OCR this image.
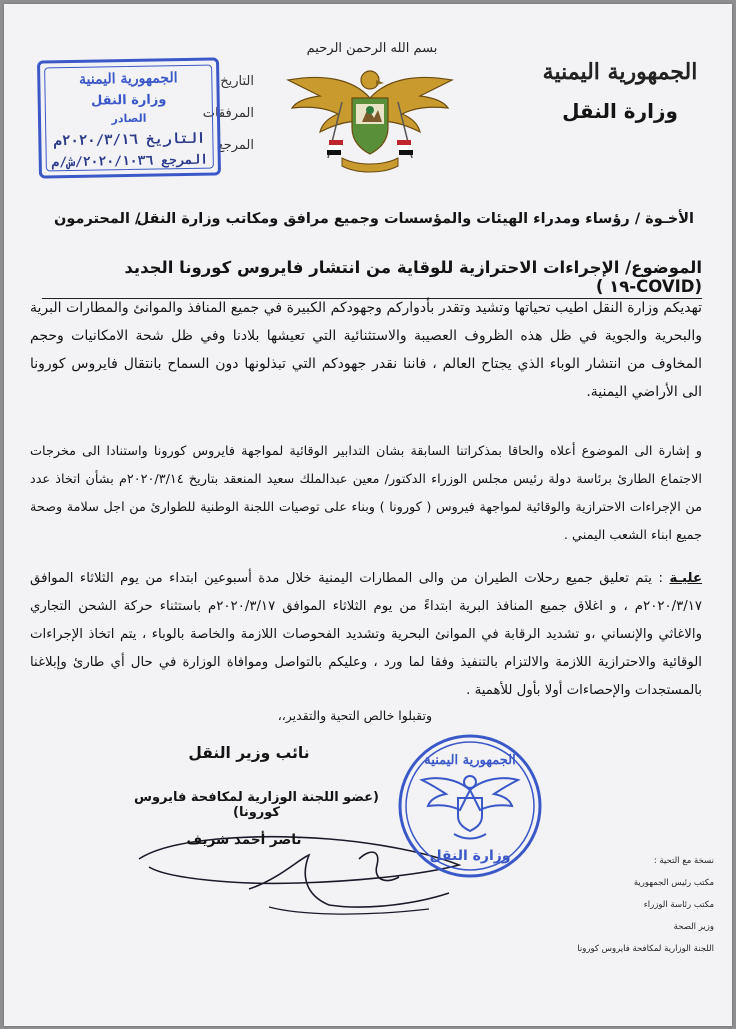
الجمهورية اليمنية
وزارة النقل
بسم الله الرحمن الرحيم
التاريخ
المرفقات
المرجع
الجمهورية اليمنية
وزارة النقل
الصادر
التاريخ ٢٠٢٠/٣/١٦م
المرجع ٢٠٢٠/١٠٣٦/ش/م
الأخـوة / رؤساء ومدراء الهيئات والمؤسسات وجميع مرافق ومكاتب وزارة النقل
/ المحترمون
الموضوع/ الإجراءات الاحترازية للوقاية من انتشار فايروس كورونا الجديد (COVID-١٩ )
تهديكم وزارة النقل اطيب تحياتها وتشيد وتقدر بأدواركم وجهودكم الكبيرة في جميع المنافذ والموانئ والمطارات البرية والبحرية والجوية في ظل هذه الظروف العصيبة والاستثنائية التي تعيشها بلادنا وفي ظل شحة الامكانيات وحجم المخاوف من انتشار الوباء الذي يجتاح العالم ، فاننا نقدر جهودكم التي تبذلونها دون السماح بانتقال فايروس كورونا الى الأراضي اليمنية.
و إشارة الى الموضوع أعلاه والحاقا بمذكراتنا السابقة بشان التدابير الوقائية لمواجهة فايروس كورونا واستنادا الى مخرجات الاجتماع الطارئ برئاسة دولة رئيس مجلس الوزراء الدكتور/ معين عبدالملك سعيد المنعقد بتاريخ ٢٠٢٠/٣/١٤م بشأن اتخاذ عدد من الإجراءات الاحترازية والوقائية لمواجهة فيروس ( كورونا ) وبناء على توصيات اللجنة الوطنية للطوارئ من اجل سلامة وصحة جميع ابناء الشعب اليمني .
عليـة : يتم تعليق جميع رحلات الطيران من والى المطارات اليمنية خلال مدة أسبوعين ابتداء من يوم الثلاثاء الموافق ٢٠٢٠/٣/١٧م ، و اغلاق جميع المنافذ البرية ابتداءً من يوم الثلاثاء الموافق ٢٠٢٠/٣/١٧م باستثناء حركة الشحن التجاري والاغاثي والإنساني ،و تشديد الرقابة في الموانئ البحرية وتشديد الفحوصات اللازمة والخاصة بالوباء ، يتم اتخاذ الإجراءات الوقائية والاحترازية اللازمة والالتزام بالتنفيذ وفقا لما ورد ، وعليكم بالتواصل وموافاة الوزارة في حال أي طارئ وإبلاغنا بالمستجدات والإحصاءات أولا بأول للأهمية .
وتقبلوا خالص التحية والتقدير،،
نائب وزير النقل
(عضو اللجنة الوزارية لمكافحة فايروس كورونا)
ناصر أحمد شريف
الجمهورية اليمنية
وزارة النقل	نسخة مع التحية :
مكتب رئيس الجمهورية
مكتب رئاسة الوزراء
وزير الصحة
اللجنة الوزارية لمكافحة فايروس كورونا
